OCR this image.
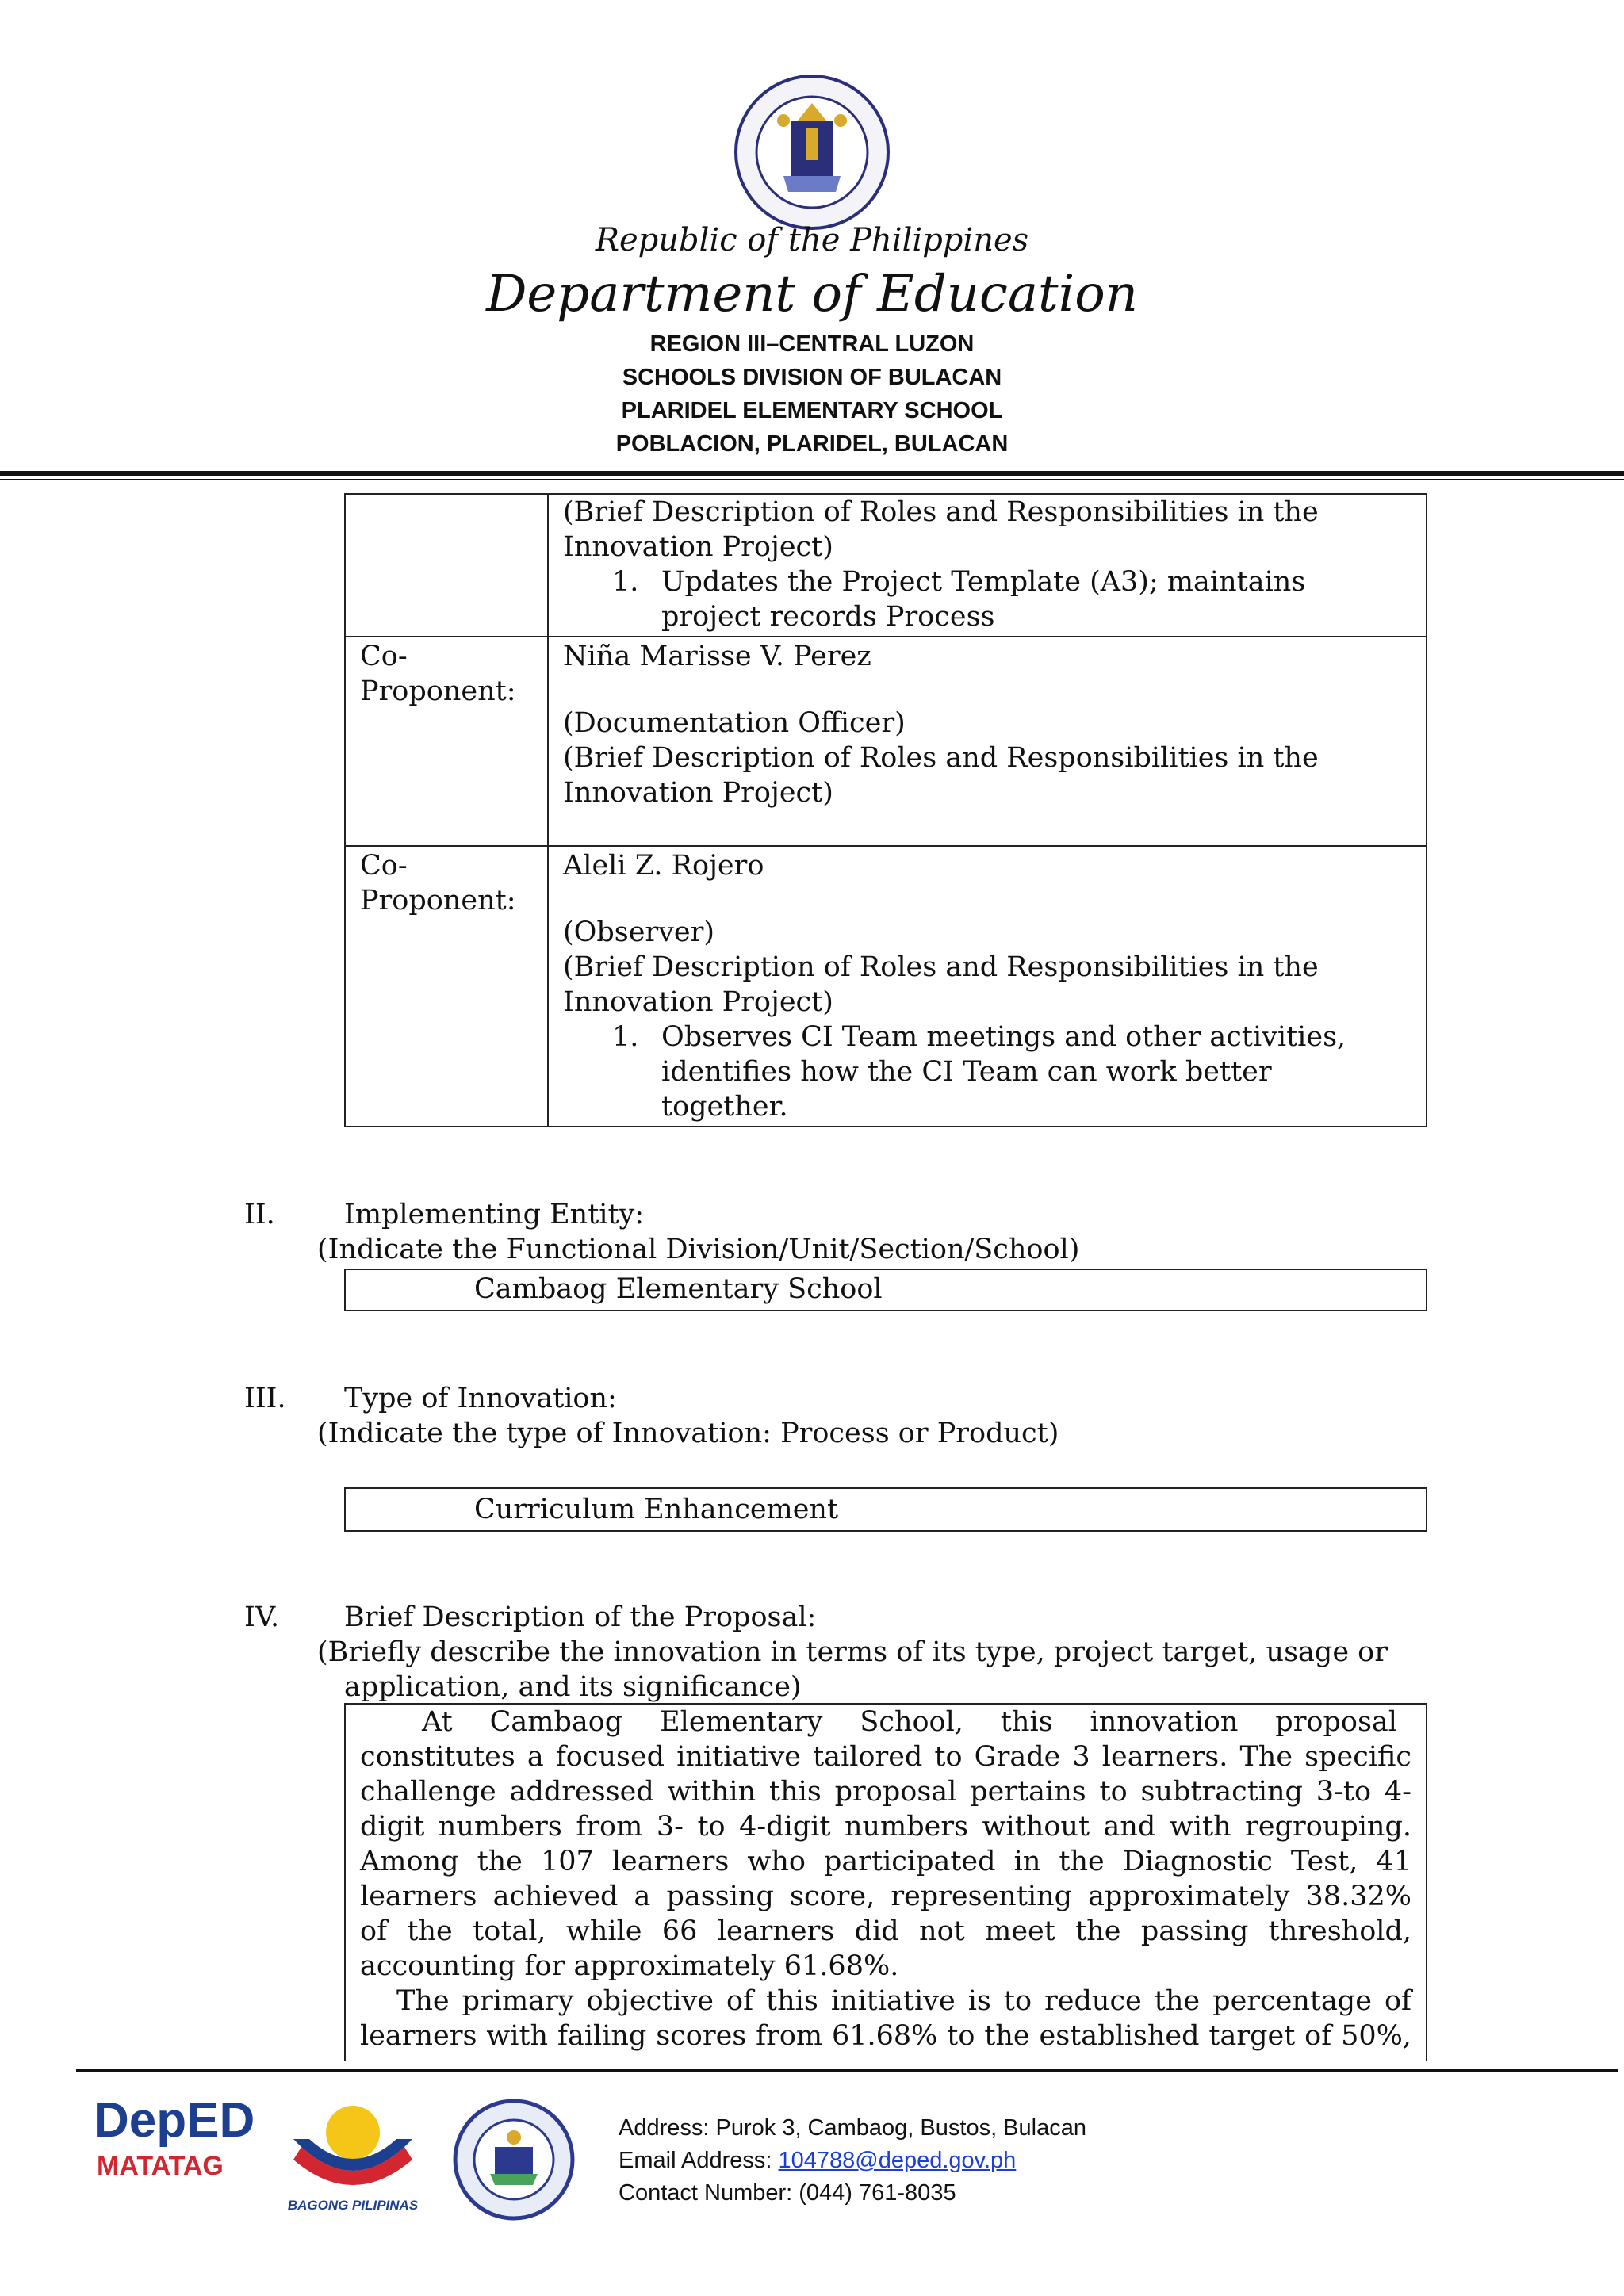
Republic of the Philippines
Department of Education
REGION III–CENTRAL LUZON
SCHOOLS DIVISION OF BULACAN
PLARIDEL ELEMENTARY SCHOOL
POBLACION, PLARIDEL, BULACAN
(Brief Description of Roles and Responsibilities in the
Innovation Project)
1. Updates the Project Template (A3); maintains
project records Process
Co-
Proponent:
Niña Marisse V. Perez
(Documentation Officer)
(Brief Description of Roles and Responsibilities in the
Innovation Project)
Co-
Proponent:
Aleli Z. Rojero
(Observer)
(Brief Description of Roles and Responsibilities in the
Innovation Project)
1. Observes CI Team meetings and other activities,
identifies how the CI Team can work better
together.
II. Implementing Entity:
(Indicate the Functional Division/Unit/Section/School)
Cambaog Elementary School
III. Type of Innovation:
(Indicate the type of Innovation: Process or Product)
Curriculum Enhancement
IV. Brief Description of the Proposal:
(Briefly describe the innovation in terms of its type, project target, usage or
application, and its significance)
At Cambaog Elementary School, this innovation proposal
constitutes a focused initiative tailored to Grade 3 learners. The specific
challenge addressed within this proposal pertains to subtracting 3-to 4-
digit numbers from 3- to 4-digit numbers without and with regrouping.
Among the 107 learners who participated in the Diagnostic Test, 41
learners achieved a passing score, representing approximately 38.32%
of the total, while 66 learners did not meet the passing threshold,
accounting for approximately 61.68%.
The primary objective of this initiative is to reduce the percentage of
learners with failing scores from 61.68% to the established target of 50%,
DepED
MATATAG
BAGONG PILIPINAS
Address: Purok 3, Cambaog, Bustos, Bulacan
Email Address: 104788@deped.gov.ph
Contact Number: (044) 761-8035
